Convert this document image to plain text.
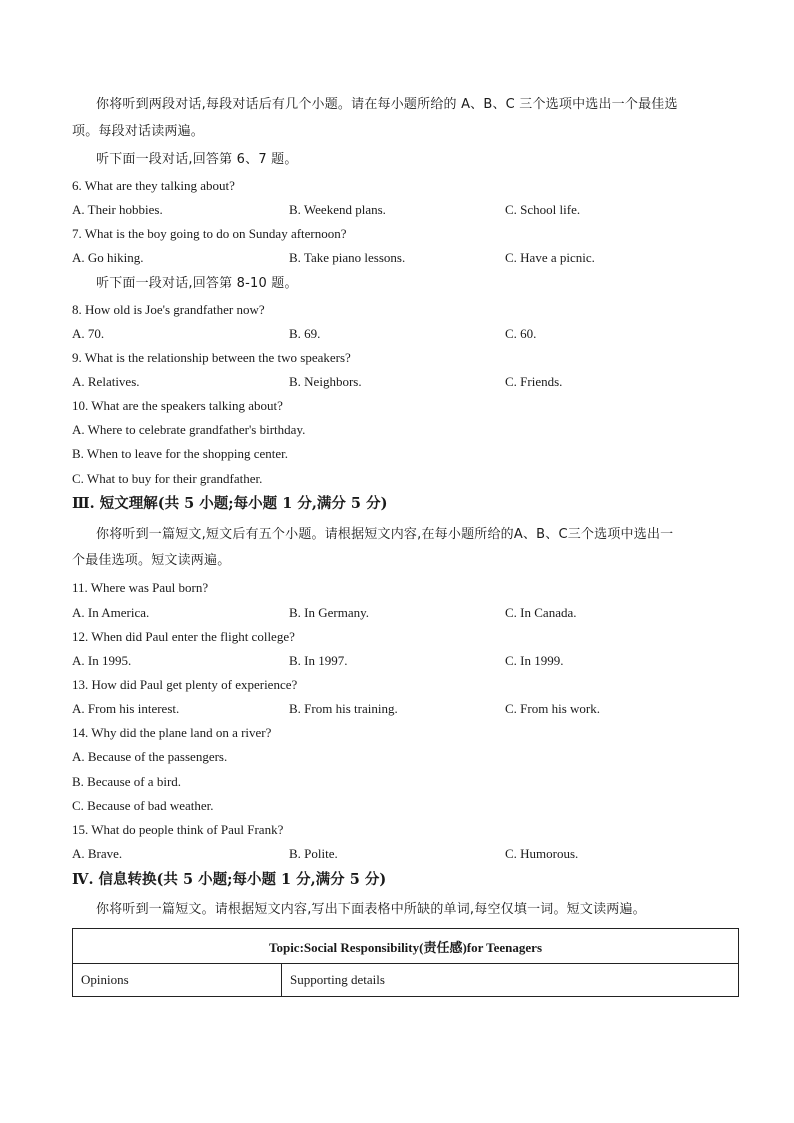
你将听到两段对话,每段对话后有几个小题。请在每小题所给的 A、B、C 三个选项中选出一个最佳选
项。每段对话读两遍。
听下面一段对话,回答第 6、7 题。
6. What are they talking about?
A. Their hobbies.	B. Weekend plans.	C. School life.
7. What is the boy going to do on Sunday afternoon?
A. Go hiking.	B. Take piano lessons.	C. Have a picnic.
听下面一段对话,回答第 8-10 题。
8. How old is Joe's grandfather now?
A. 70.	B. 69.	C. 60.
9. What is the relationship between the two speakers?
A. Relatives.	B. Neighbors.	C. Friends.
10. What are the speakers talking about?
A. Where to celebrate grandfather's birthday.
B. When to leave for the shopping center.
C. What to buy for their grandfather.
Ⅲ. 短文理解(共 5 小题;每小题 1 分,满分 5 分)
你将听到一篇短文,短文后有五个小题。请根据短文内容,在每小题所给的A、B、C三个选项中选出一
个最佳选项。短文读两遍。
11. Where was Paul born?
A. In America.	B. In Germany.	C. In Canada.
12. When did Paul enter the flight college?
A. In 1995.	B. In 1997.	C. In 1999.
13. How did Paul get plenty of experience?
A. From his interest.	B. From his training.	C. From his work.
14. Why did the plane land on a river?
A. Because of the passengers.
B. Because of a bird.
C. Because of bad weather.
15. What do people think of Paul Frank?
A. Brave.	B. Polite.	C. Humorous.
Ⅳ. 信息转换(共 5 小题;每小题 1 分,满分 5 分)
你将听到一篇短文。请根据短文内容,写出下面表格中所缺的单词,每空仅填一词。短文读两遍。
Topic:Social Responsibility(责任感)for Teenagers
Opinions	Supporting details
